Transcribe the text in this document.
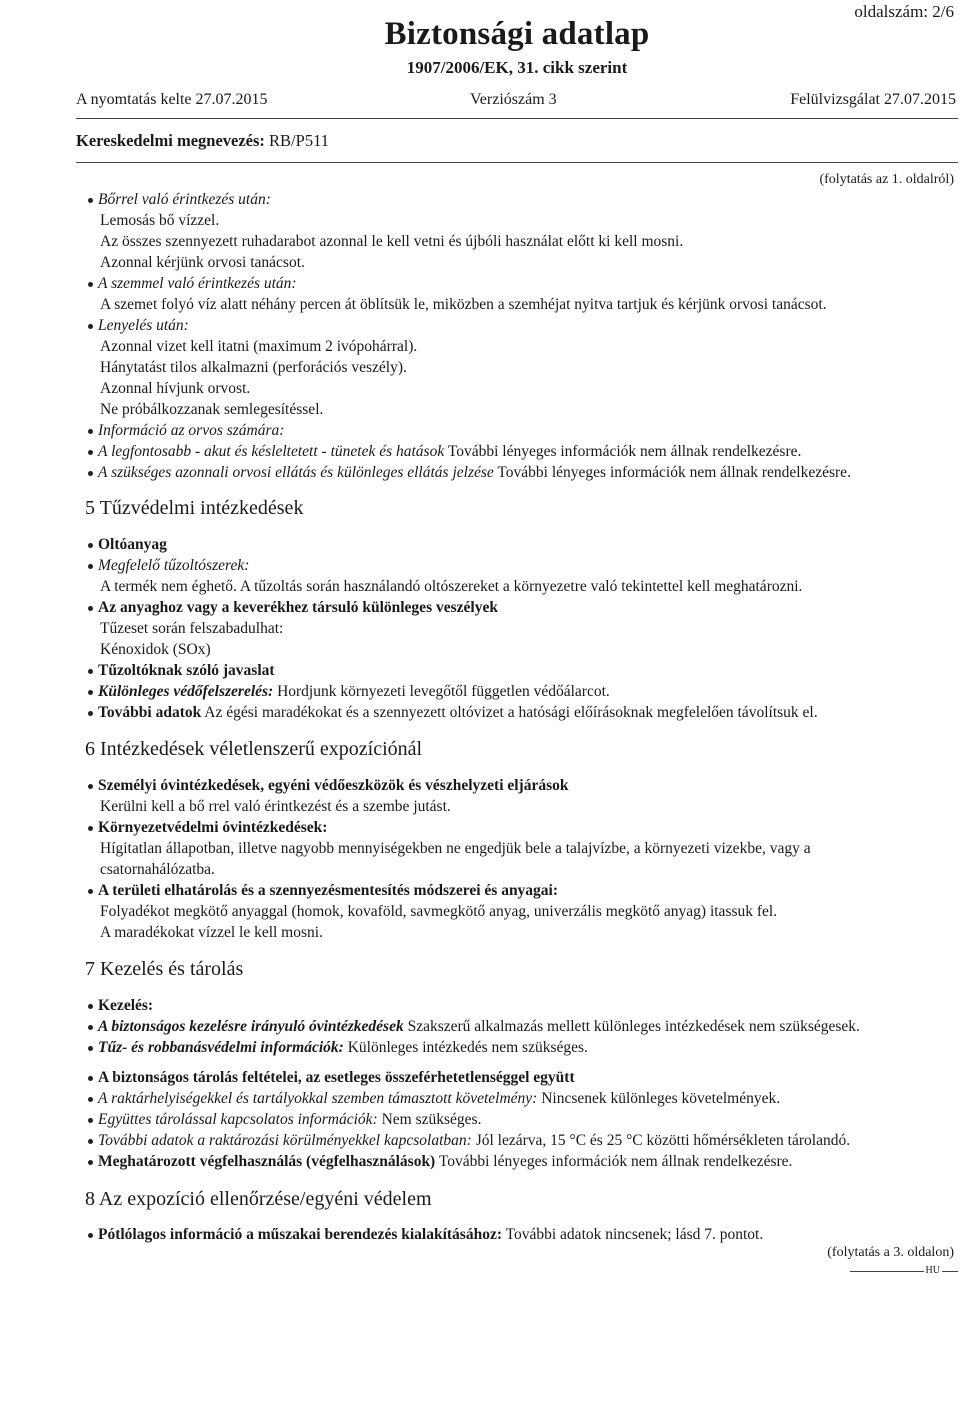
oldalszám: 2/6
Biztonsági adatlap
1907/2006/EK, 31. cikk szerint
A nyomtatás kelte 27.07.2015	Verziószám 3	Felülvizsgálat 27.07.2015
Kereskedelmi megnevezés: RB/P511
(folytatás az 1. oldalról)
Bőrrel való érintkezés után:
Lemosás bő vízzel.
Az összes szennyezett ruhadarabot azonnal le kell vetni és újbóli használat előtt ki kell mosni.
Azonnal kérjünk orvosi tanácsot.
A szemmel való érintkezés után:
A szemet folyó víz alatt néhány percen át öblítsük le, miközben a szemhéjat nyitva tartjuk és kérjünk orvosi tanácsot.
Lenyelés után:
Azonnal vizet kell itatni (maximum 2 ivópohárral).
Hánytatást tilos alkalmazni (perforációs veszély).
Azonnal hívjunk orvost.
Ne próbálkozzanak semlegesítéssel.
Információ az orvos számára:
A legfontosabb - akut és késleltetett - tünetek és hatások További lényeges információk nem állnak rendelkezésre.
A szükséges azonnali orvosi ellátás és különleges ellátás jelzése További lényeges információk nem állnak rendelkezésre.
5 Tűzvédelmi intézkedések
Oltóanyag
Megfelelő tűzoltószerek:
A termék nem éghető. A tűzoltás során használandó oltószereket a környezetre való tekintettel kell meghatározni.
Az anyaghoz vagy a keverékhez társuló különleges veszélyek
Tűzeset során felszabadulhat:
Kénoxidok (SOx)
Tűzoltóknak szóló javaslat
Különleges védőfelszerelés: Hordjunk környezeti levegőtől független védőálarcot.
További adatok Az égési maradékokat és a szennyezett oltóvizet a hatósági előírásoknak megfelelően távolítsuk el.
6 Intézkedések véletlenszerű expozíciónál
Személyi óvintézkedések, egyéni védőeszközök és vészhelyzeti eljárások
Kerülni kell a bő rrel való érintkezést és a szembe jutást.
Környezetvédelmi óvintézkedések:
Hígitatlan állapotban, illetve nagyobb mennyiségekben ne engedjük bele a talajvízbe, a környezeti vizekbe, vagy a
csatornahálózatba.
A területi elhatárolás és a szennyezésmentesítés módszerei és anyagai:
Folyadékot megkötő anyaggal (homok, kovaföld, savmegkötő anyag, univerzális megkötő anyag) itassuk fel.
A maradékokat vízzel le kell mosni.
7 Kezelés és tárolás
Kezelés:
A biztonságos kezelésre irányuló óvintézkedések Szakszerű alkalmazás mellett különleges intézkedések nem szükségesek.
Tűz- és robbanásvédelmi információk: Különleges intézkedés nem szükséges.
A biztonságos tárolás feltételei, az esetleges összeférhetetlenséggel együtt
A raktárhelyiségekkel és tartályokkal szemben támasztott követelmény: Nincsenek különleges követelmények.
Együttes tárolással kapcsolatos információk: Nem szükséges.
További adatok a raktározási körülményekkel kapcsolatban: Jól lezárva, 15 °C és 25 °C közötti hőmérsékleten tárolandó.
Meghatározott végfelhasználás (végfelhasználások) További lényeges információk nem állnak rendelkezésre.
8 Az expozíció ellenőrzése/egyéni védelem
Pótlólagos információ a műszakai berendezés kialakításához: További adatok nincsenek; lásd 7. pontot.
(folytatás a 3. oldalon)
HU
